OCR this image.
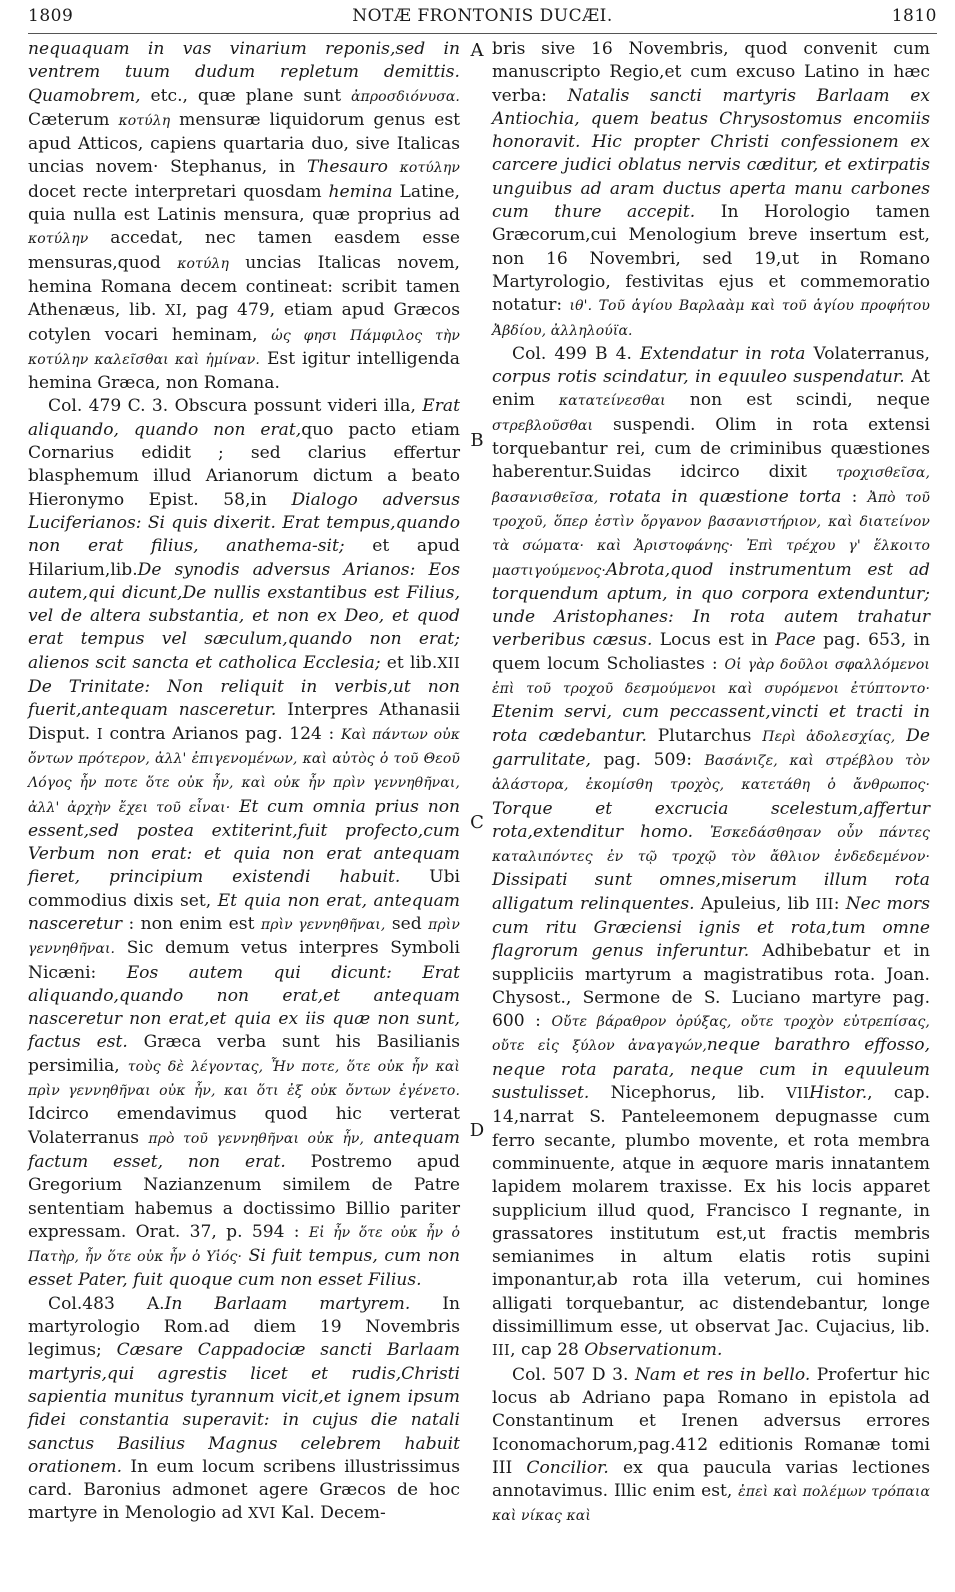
1809	NOTÆ FRONTONIS DUCÆI.	1810

nequaquam in vas vinarium reponis,sed in ventrem tuum dudum repletum demittis. Quamobrem, etc., quæ plane sunt ἀπροσδιόνυσα. Cæterum κοτύλη mensuræ liquidorum genus est apud Atticos, capiens quartaria duo, sive Italicas uncias novem· Stephanus, in Thesauro κοτύλην docet recte interpretari quosdam hemina Latine, quia nulla est Latinis mensura, quæ proprius ad κοτύλην accedat, nec tamen easdem esse mensuras,quod κοτύλη uncias Italicas novem, hemina Romana decem contineat: scribit tamen Athenæus, lib. XI, pag 479, etiam apud Græcos cotylen vocari heminam, ὡς φησι Πάμφιλος τὴν κοτύλην καλεῖσθαι καὶ ἡμίναν. Est igitur intelligenda hemina Græca, non Romana.

Col. 479 C. 3. Obscura possunt videri illa, Erat aliquando, quando non erat,quo pacto etiam Cornarius edidit ; sed clarius effertur blasphemum illud Arianorum dictum a beato Hieronymo Epist. 58,in Dialogo adversus Luciferianos: Si quis dixerit. Erat tempus,quando non erat filius, anathema-sit; et apud Hilarium,lib.De synodis adversus Arianos: Eos autem,qui dicunt,De nullis exstantibus est Filius, vel de altera substantia, et non ex Deo, et quod erat tempus vel sæculum,quando non erat; alienos scit sancta et catholica Ecclesia; et lib.XII De Trinitate: Non reliquit in verbis,ut non fuerit,antequam nasceretur. Interpres Athanasii Disput. I contra Arianos pag. 124 : Καὶ πάντων οὐκ ὄντων πρότερον, ἀλλ' ἐπιγενομένων, καὶ αὐτὸς ὁ τοῦ Θεοῦ Λόγος ἦν ποτε ὅτε οὐκ ἦν, καὶ οὐκ ἦν πρὶν γεννηθῆναι, ἀλλ' ἀρχὴν ἔχει τοῦ εἶναι· Et cum omnia prius non essent,sed postea extiterint,fuit profecto,cum Verbum non erat: et quia non erat antequam fieret, principium existendi habuit. Ubi commodius dixis set, Et quia non erat, antequam nasceretur : non enim est πρὶν γεννηθῆναι, sed πρὶν γεννηθῆναι. Sic demum vetus interpres Symboli Nicæni: Eos autem qui dicunt: Erat aliquando,quando non erat,et antequam nasceretur non erat,et quia ex iis quæ non sunt, factus est. Græca verba sunt his Basilianis persimilia, τοὺς δὲ λέγοντας, Ἦν ποτε, ὅτε οὐκ ἦν καὶ πρὶν γεννηθῆναι οὐκ ἦν, και ὅτι ἐξ οὐκ ὄντων ἐγένετο. Idcirco emendavimus quod hic verterat Volaterranus πρὸ τοῦ γεννηθῆναι οὐκ ἦν, antequam factum esset, non erat. Postremo apud Gregorium Nazianzenum similem de Patre sententiam habemus a doctissimo Billio pariter expressam. Orat. 37, p. 594 : Εἰ ἦν ὅτε οὐκ ἦν ὁ Πατὴρ, ἦν ὅτε οὐκ ἦν ὁ Υἱός· Si fuit tempus, cum non esset Pater, fuit quoque cum non esset Filius.

Col.483 A.In Barlaam martyrem. In martyrologio Rom.ad diem 19 Novembris legimus; Cæsare Cappadociæ sancti Barlaam martyris,qui agrestis licet et rudis,Christi sapientia munitus tyrannum vicit,et ignem ipsum fidei constantia superavit: in cujus die natali sanctus Basilius Magnus celebrem habuit orationem. In eum locum scribens illustrissimus card. Baronius admonet agere Græcos de hoc martyre in Menologio ad XVI Kal. Decem-

bris sive 16 Novembris, quod convenit cum manuscripto Regio,et cum excuso Latino in hæc verba: Natalis sancti martyris Barlaam ex Antiochia, quem beatus Chrysostomus encomiis honoravit. Hic propter Christi confessionem ex carcere judici oblatus nervis cæditur, et extirpatis unguibus ad aram ductus aperta manu carbones cum thure accepit. In Horologio tamen Græcorum,cui Menologium breve insertum est, non 16 Novembri, sed 19,ut in Romano Martyrologio, festivitas ejus et commemoratio notatur: ιθ'. Τοῦ ἁγίου Βαρλαὰμ καὶ τοῦ ἁγίου προφήτου Ἀβδίου, ἀλληλούϊα.

Col. 499 B 4. Extendatur in rota Volaterranus, corpus rotis scindatur, in equuleo suspendatur. At enim κατατείνεσθαι non est scindi, neque στρεβλοῦσθαι suspendi. Olim in rota extensi torquebantur rei, cum de criminibus quæstiones haberentur.Suidas idcirco dixit τροχισθεῖσα, βασανισθεῖσα, rotata in quæstione torta : Ἀπὸ τοῦ τροχοῦ, ὅπερ ἐστὶν ὄργανον βασανιστήριον, καὶ διατείνον τὰ σώματα· καὶ Ἀριστοφάνης· Ἐπὶ τρέχου γ' ἕλκοιτο μαστιγούμενος·Abrota,quod instrumentum est ad torquendum aptum, in quo corpora extenduntur; unde Aristophanes: In rota autem trahatur verberibus cæsus. Locus est in Pace pag. 653, in quem locum Scholiastes : Οἱ γὰρ δοῦλοι σφαλλόμενοι ἐπὶ τοῦ τροχοῦ δεσμούμενοι καὶ συρόμενοι ἐτύπτοντο· Etenim servi, cum peccassent,vincti et tracti in rota cædebantur. Plutarchus Περὶ ἀδολεσχίας, De garrulitate, pag. 509: Βασάνιζε, καὶ στρέβλου τὸν ἀλάστορα, ἐκομίσθη τροχὸς, κατετάθη ὁ ἄνθρωπος· Torque et excrucia scelestum,affertur rota,extenditur homo. Ἐσκεδάσθησαν οὖν πάντες καταλιπόντες ἐν τῷ τροχῷ τὸν ἄθλιον ἐνδεδεμένον· Dissipati sunt omnes,miserum illum rota alligatum relinquentes. Apuleius, lib III: Nec mors cum ritu Græciensi ignis et rota,tum omne flagrorum genus inferuntur. Adhibebatur et in suppliciis martyrum a magistratibus rota. Joan. Chysost., Sermone de S. Luciano martyre pag. 600 : Οὔτε βάραθρον ὀρύξας, οὔτε τροχὸν εὐτρεπίσας, οὔτε εἰς ξύλον ἀναγαγών,neque barathro effosso, neque rota parata, neque cum in equuleum sustulisset. Nicephorus, lib. VIIHistor., cap. 14,narrat S. Panteleemonem depugnasse cum ferro secante, plumbo movente, et rota membra comminuente, atque in æquore maris innatantem lapidem molarem traxisse. Ex his locis apparet supplicium illud quod, Francisco I regnante, in grassatores institutum est,ut fractis membris semianimes in altum elatis rotis supini imponantur,ab rota illa veterum, cui homines alligati torquebantur, ac distendebantur, longe dissimillimum esse, ut observat Jac. Cujacius, lib. III, cap 28 Observationum.

Col. 507 D 3. Nam et res in bello. Profertur hic locus ab Adriano papa Romano in epistola ad Constantinum et Irenen adversus errores Iconomachorum,pag.412 editionis Romanæ tomi III Concilior. ex qua paucula varias lectiones annotavimus. Illic enim est, ἐπεὶ καὶ πολέμων τρόπαια καὶ νίκας καὶ

A
B
C
D
